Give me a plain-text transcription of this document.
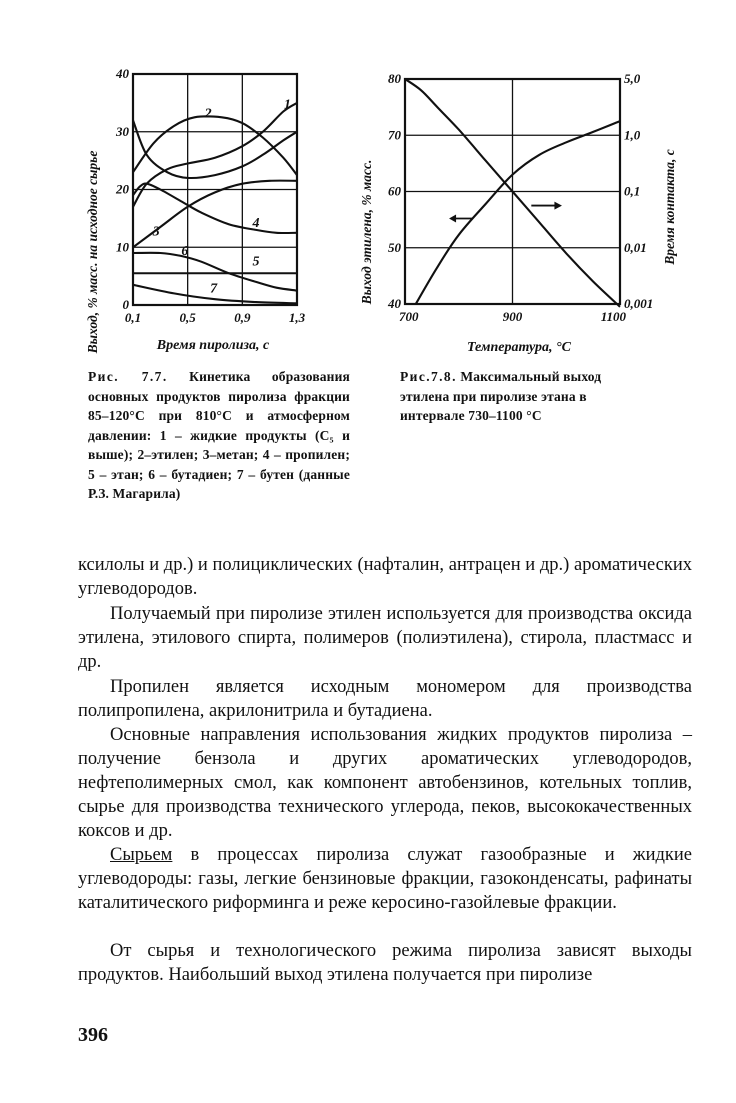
Выход, % масс. на исходное сырье 0
10
20
30
40
0,1	0,5	0,9	1,3
1
2
3
4
5
6
7
Время пиролиза, с
Выход этилена, % масс.	Время контакта, с
40
50
60
70
80
0,001
0,01
0,1
1,0
5,0
700	900	1100
Температура, °С
Рис. 7.7. Кинетика образования основных продуктов пиролиза фракции 85–120°С при 810°С и атмосферном давлении: 1 – жидкие продукты (С₅ и выше); 2–этилен; 3–метан; 4 – пропилен; 5 – этан; 6 – бутадиен; 7 – бутен (данные Р.З. Магарила)
Рис.7.8. Максимальный выход этилена при пиролизе этана в интервале 730–1100 °С
ксилолы и др.) и полициклических (нафталин, антрацен и др.) ароматических углеводородов.
Получаемый при пиролизе этилен используется для производства оксида этилена, этилового спирта, полимеров (полиэтилена), стирола, пластмасс и др.
Пропилен является исходным мономером для производства полипропилена, акрилонитрила и бутадиена.
Основные направления использования жидких продуктов пиролиза – получение бензола и других ароматических углеводородов, нефтеполимерных смол, как компонент автобензинов, котельных топлив, сырье для производства технического углерода, пеков, высококачественных коксов и др.
Сырьем в процессах пиролиза служат газообразные и жидкие углеводороды: газы, легкие бензиновые фракции, газоконденсаты, рафинаты каталитического риформинга и реже керосино-газойлевые фракции.
От сырья и технологического режима пиролиза зависят выходы продуктов. Наибольший выход этилена получается при пиролизе
396
